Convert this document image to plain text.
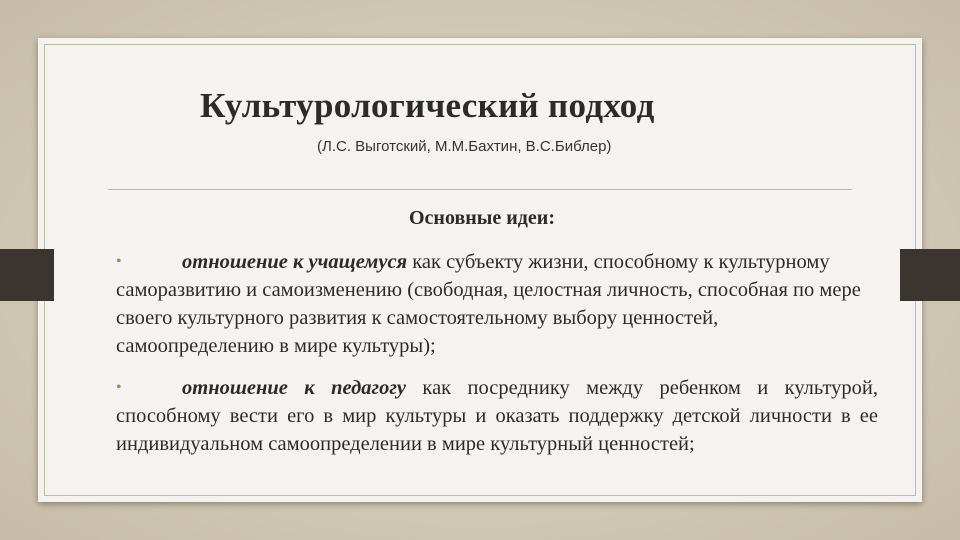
Культурологический подход
(Л.С. Выготский, М.М.Бахтин, В.С.Библер)
Основные идеи:
•	отношение к учащемуся как субъекту жизни, способному к культурному саморазвитию и самоизменению (свободная, целостная личность, способная по мере своего культурного развития к самостоятельному выбору ценностей, самоопределению в мире культуры);
•	отношение к педагогу как посреднику между ребенком и культурой, способному вести его в мир культуры и оказать поддержку детской личности в ее индивидуальном самоопределении в мире культурный ценностей;
